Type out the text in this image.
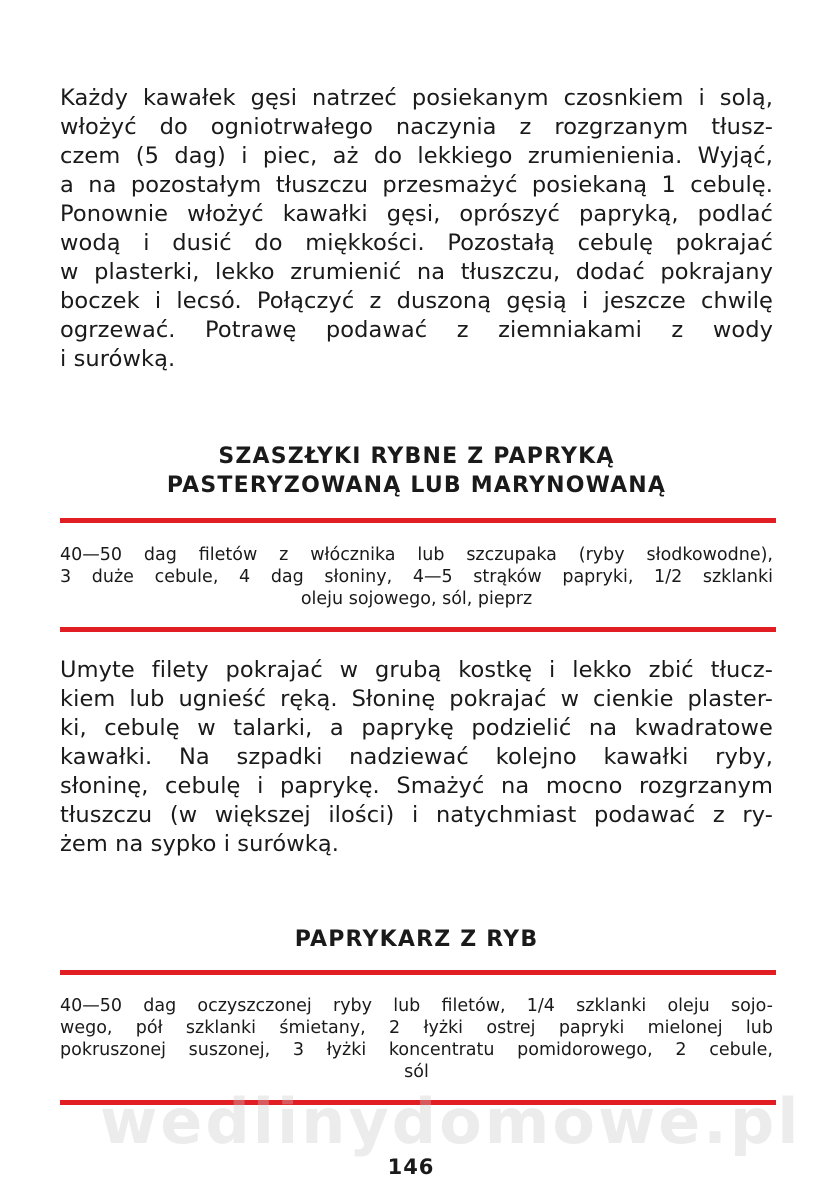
Każdy kawałek gęsi natrzeć posiekanym czosnkiem i solą,
włożyć do ogniotrwałego naczynia z rozgrzanym tłusz-
czem (5 dag) i piec, aż do lekkiego zrumienienia. Wyjąć,
a na pozostałym tłuszczu przesmażyć posiekaną 1 cebulę.
Ponownie włożyć kawałki gęsi, oprószyć papryką, podlać
wodą i dusić do miękkości. Pozostałą cebulę pokrajać
w plasterki, lekko zrumienić na tłuszczu, dodać pokrajany
boczek i lecsó. Połączyć z duszoną gęsią i jeszcze chwilę
ogrzewać. Potrawę podawać z ziemniakami z wody
i surówką.
SZASZŁYKI RYBNE Z PAPRYKĄ
PASTERYZOWANĄ LUB MARYNOWANĄ
40—50 dag filetów z włócznika lub szczupaka (ryby słodkowodne),
3 duże cebule, 4 dag słoniny, 4—5 strąków papryki, 1/2 szklanki
oleju sojowego, sól, pieprz
Umyte filety pokrajać w grubą kostkę i lekko zbić tłucz-
kiem lub ugnieść ręką. Słoninę pokrajać w cienkie plaster-
ki, cebulę w talarki, a paprykę podzielić na kwadratowe
kawałki. Na szpadki nadziewać kolejno kawałki ryby,
słoninę, cebulę i paprykę. Smażyć na mocno rozgrzanym
tłuszczu (w większej ilości) i natychmiast podawać z ry-
żem na sypko i surówką.
PAPRYKARZ Z RYB
40—50 dag oczyszczonej ryby lub filetów, 1/4 szklanki oleju sojo-
wego, pół szklanki śmietany, 2 łyżki ostrej papryki mielonej lub
pokruszonej suszonej, 3 łyżki koncentratu pomidorowego, 2 cebule,
sól
wedlinydomowe.pl
146
